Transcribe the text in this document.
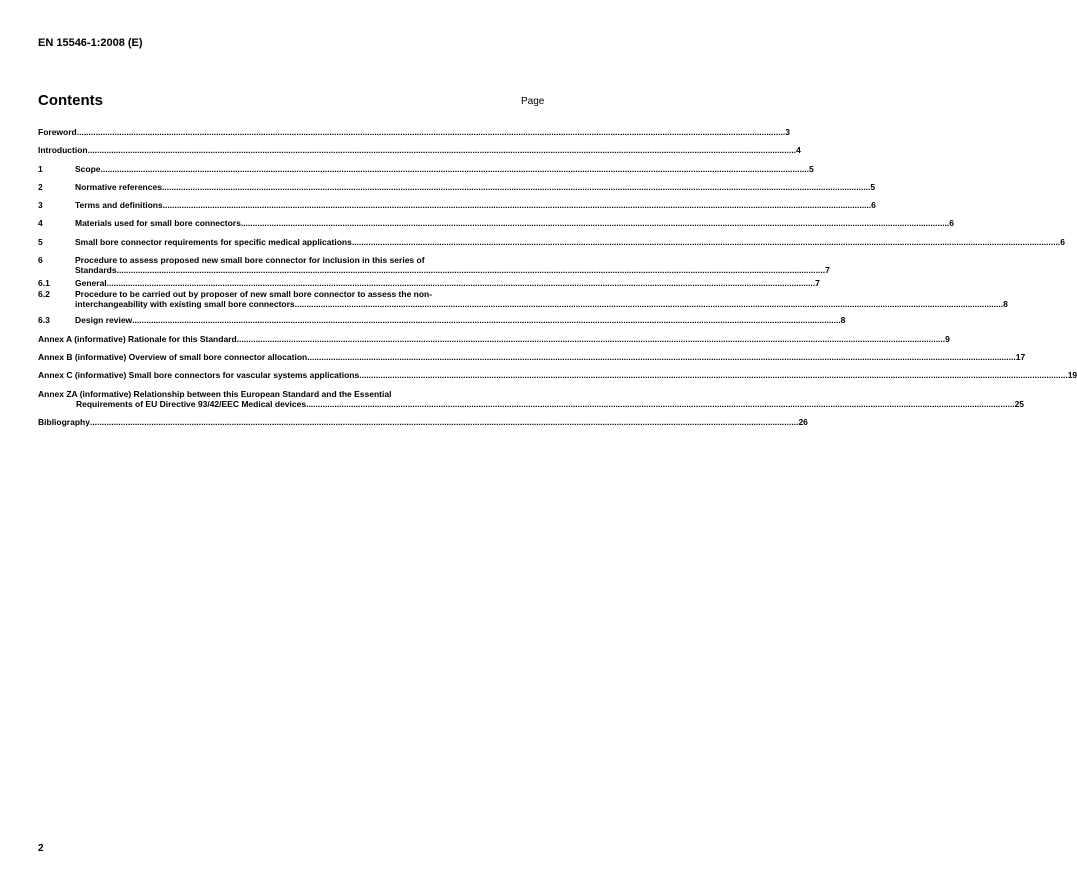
EN 15546-1:2008 (E)
Contents	Page
Foreword ............................................................................................................................................................................................................................................................................................................ 3
Introduction ............................................................................................................................................................................................................................................................................................................ 4
1	Scope ............................................................................................................................................................................................................................................................................................................ 5
2	Normative references ............................................................................................................................................................................................................................................................................................................ 5
3	Terms and definitions ............................................................................................................................................................................................................................................................................................................ 6
4	Materials used for small bore connectors ............................................................................................................................................................................................................................................................................................................ 6
5	Small bore connector requirements for specific medical applications ............................................................................................................................................................................................................................................................................................................ 6
6	Procedure to assess proposed new small bore connector for inclusion in this series of
Standards ............................................................................................................................................................................................................................................................................................................ 7
6.1	General ............................................................................................................................................................................................................................................................................................................ 7
6.2	Procedure to be carried out by proposer of new small bore connector to assess the non-
interchangeability with existing small bore connectors ............................................................................................................................................................................................................................................................................................................ 8
6.3	Design review ............................................................................................................................................................................................................................................................................................................ 8
Annex A (informative) Rationale for this Standard ............................................................................................................................................................................................................................................................................................................ 9
Annex B (informative) Overview of small bore connector allocation ............................................................................................................................................................................................................................................................................................................ 17
Annex C (informative) Small bore connectors for vascular systems applications ............................................................................................................................................................................................................................................................................................................ 19
Annex ZA (informative) Relationship between this European Standard and the Essential
Requirements of EU Directive 93/42/EEC Medical devices ............................................................................................................................................................................................................................................................................................................ 25
Bibliography ............................................................................................................................................................................................................................................................................................................ 26
2
